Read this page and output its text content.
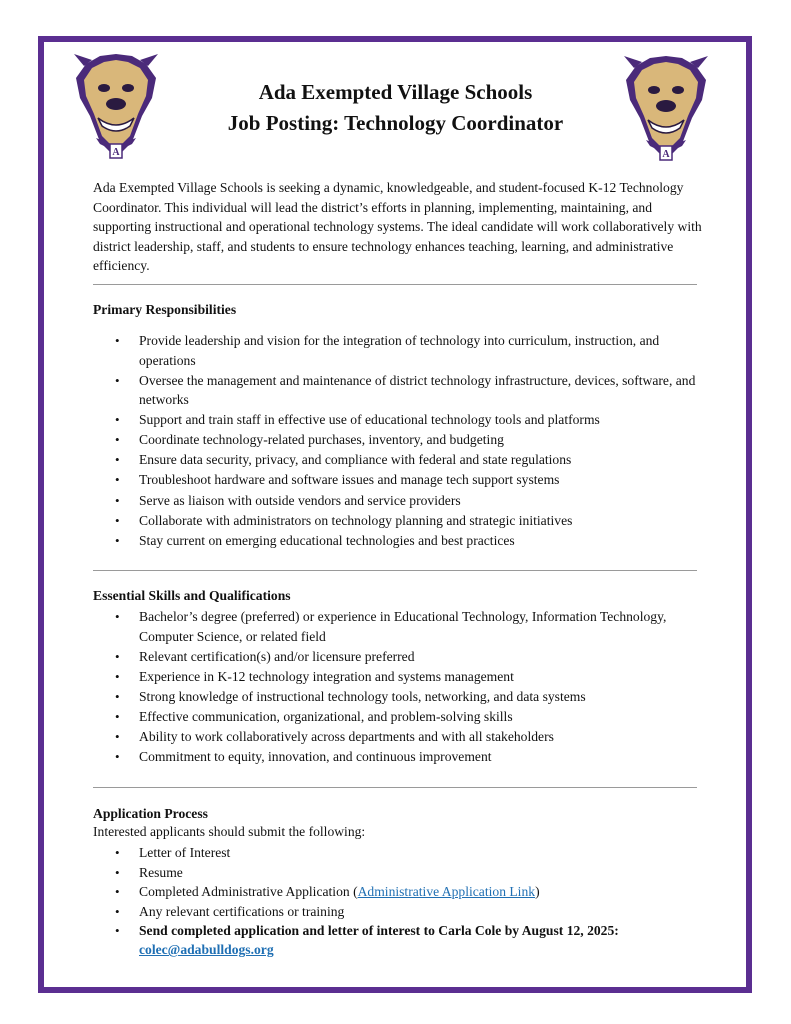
A	A
Ada Exempted Village Schools
Job Posting: Technology Coordinator
Ada Exempted Village Schools is seeking a dynamic, knowledgeable, and student-focused K-12 Technology Coordinator. This individual will lead the district’s efforts in planning, implementing, maintaining, and supporting instructional and operational technology systems. The ideal candidate will work collaboratively with district leadership, staff, and students to ensure technology enhances teaching, learning, and administrative efficiency.
Primary Responsibilities
• Provide leadership and vision for the integration of technology into curriculum, instruction, and operations
• Oversee the management and maintenance of district technology infrastructure, devices, software, and networks
• Support and train staff in effective use of educational technology tools and platforms
• Coordinate technology-related purchases, inventory, and budgeting
• Ensure data security, privacy, and compliance with federal and state regulations
• Troubleshoot hardware and software issues and manage tech support systems
• Serve as liaison with outside vendors and service providers
• Collaborate with administrators on technology planning and strategic initiatives
• Stay current on emerging educational technologies and best practices
Essential Skills and Qualifications
• Bachelor’s degree (preferred) or experience in Educational Technology, Information Technology, Computer Science, or related field
• Relevant certification(s) and/or licensure preferred
• Experience in K-12 technology integration and systems management
• Strong knowledge of instructional technology tools, networking, and data systems
• Effective communication, organizational, and problem-solving skills
• Ability to work collaboratively across departments and with all stakeholders
• Commitment to equity, innovation, and continuous improvement
Application Process
Interested applicants should submit the following:
• Letter of Interest
• Resume
• Completed Administrative Application (Administrative Application Link)
• Any relevant certifications or training
• Send completed application and letter of interest to Carla Cole by August 12, 2025:
colec@adabulldogs.org
